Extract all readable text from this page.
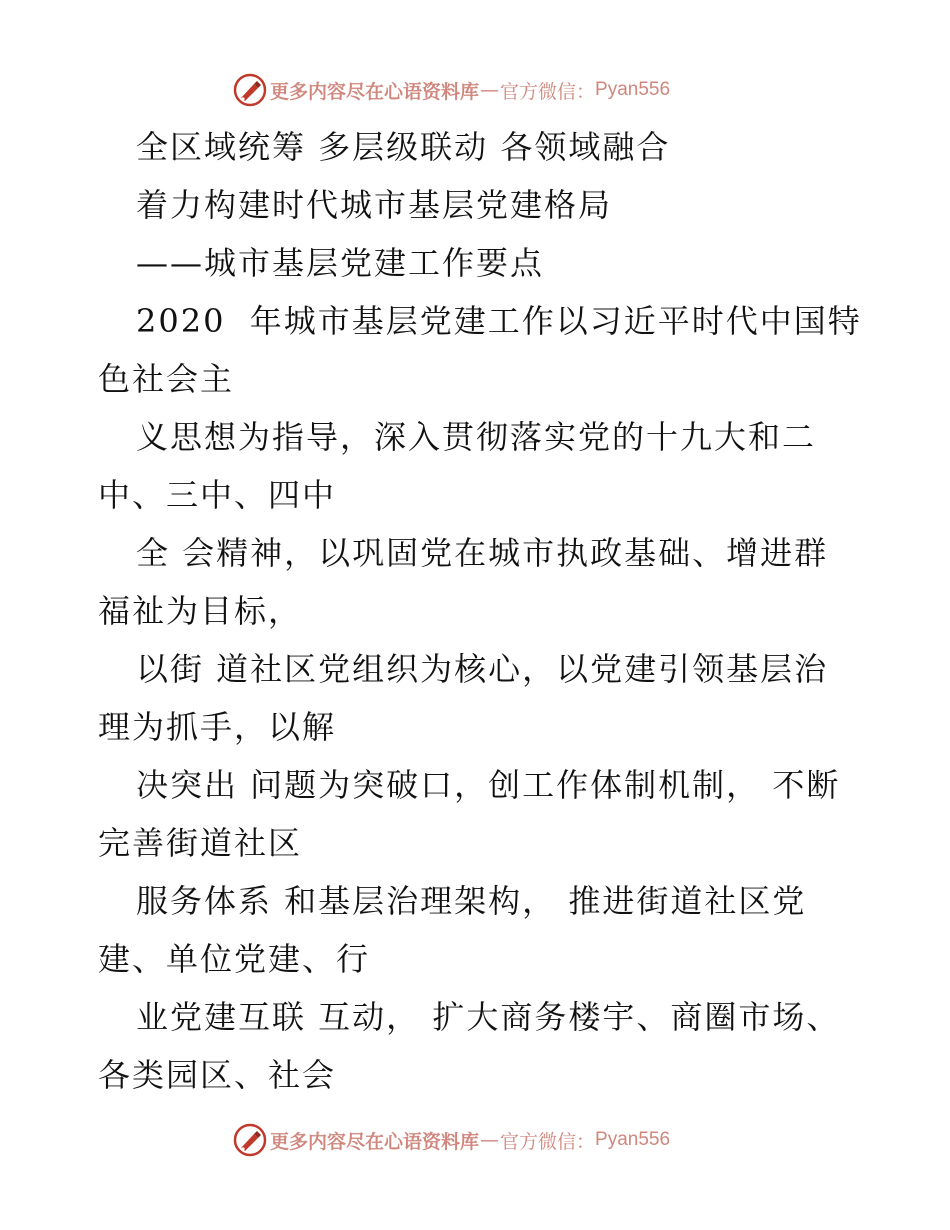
更多内容尽在心语资料库 — 官方微信： Pyan556
全区域统筹 多层级联动 各领域融合
着力构建时代城市基层党建格局
——城市基层党建工作要点
2020  年城市基层党建工作以习近平时代中国特
色社会主
义思想为指导，深入贯彻落实党的十九大和二
中、三中、四中
全 会精神，以巩固党在城市执政基础、增进群
福祉为目标，
以街 道社区党组织为核心，以党建引领基层治
理为抓手，以解
决突出 问题为突破口，创工作体制机制， 不断
完善街道社区
服务体系 和基层治理架构， 推进街道社区党
建、单位党建、行
业党建互联 互动， 扩大商务楼宇、商圈市场、
各类园区、社会
更多内容尽在心语资料库 — 官方微信： Pyan556
